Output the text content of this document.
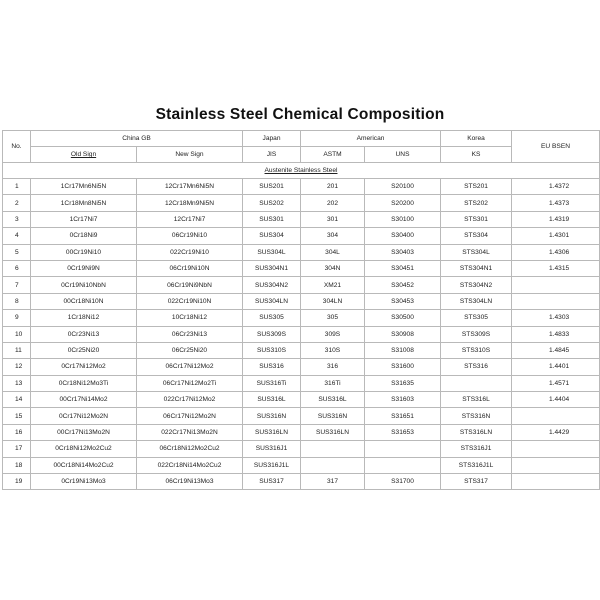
Stainless Steel Chemical Composition
No.	China GB		Japan	American		Korea	EU BSEN
	Old Sign	New Sign	JIS	ASTM	UNS	KS	
Austenite Stainless Steel							
1	1Cr17Mn6Ni5N	12Cr17Mn6Ni5N	SUS201	201	S20100	STS201	1.4372
2	1Cr18Mn8Ni5N	12Cr18Mn9Ni5N	SUS202	202	S20200	STS202	1.4373
3	1Cr17Ni7	12Cr17Ni7	SUS301	301	S30100	STS301	1.4319
4	0Cr18Ni9	06Cr19Ni10	SUS304	304	S30400	STS304	1.4301
5	00Cr19Ni10	022Cr19Ni10	SUS304L	304L	S30403	STS304L	1.4306
6	0Cr19Ni9N	06Cr19Ni10N	SUS304N1	304N	S30451	STS304N1	1.4315
7	0Cr19Ni10NbN	06Cr19Ni9NbN	SUS304N2	XM21	S30452	STS304N2	
8	00Cr18Ni10N	022Cr19Ni10N	SUS304LN	304LN	S30453	STS304LN	
9	1Cr18Ni12	10Cr18Ni12	SUS305	305	S30500	STS305	1.4303
10	0Cr23Ni13	06Cr23Ni13	SUS309S	309S	S30908	STS309S	1.4833
11	0Cr25Ni20	06Cr25Ni20	SUS310S	310S	S31008	STS310S	1.4845
12	0Cr17Ni12Mo2	06Cr17Ni12Mo2	SUS316	316	S31600	STS316	1.4401
13	0Cr18Ni12Mo3Ti	06Cr17Ni12Mo2Ti	SUS316Ti	316Ti	S31635		1.4571
14	00Cr17Ni14Mo2	022Cr17Ni12Mo2	SUS316L	SUS316L	S31603	STS316L	1.4404
15	0Cr17Ni12Mo2N	06Cr17Ni12Mo2N	SUS316N	SUS316N	S31651	STS316N	
16	00Cr17Ni13Mo2N	022Cr17Ni13Mo2N	SUS316LN	SUS316LN	S31653	STS316LN	1.4429
17	0Cr18Ni12Mo2Cu2	06Cr18Ni12Mo2Cu2	SUS316J1			STS316J1	
18	00Cr18Ni14Mo2Cu2	022Cr18Ni14Mo2Cu2	SUS316J1L			STS316J1L	
19	0Cr19Ni13Mo3	06Cr19Ni13Mo3	SUS317	317	S31700	STS317	
